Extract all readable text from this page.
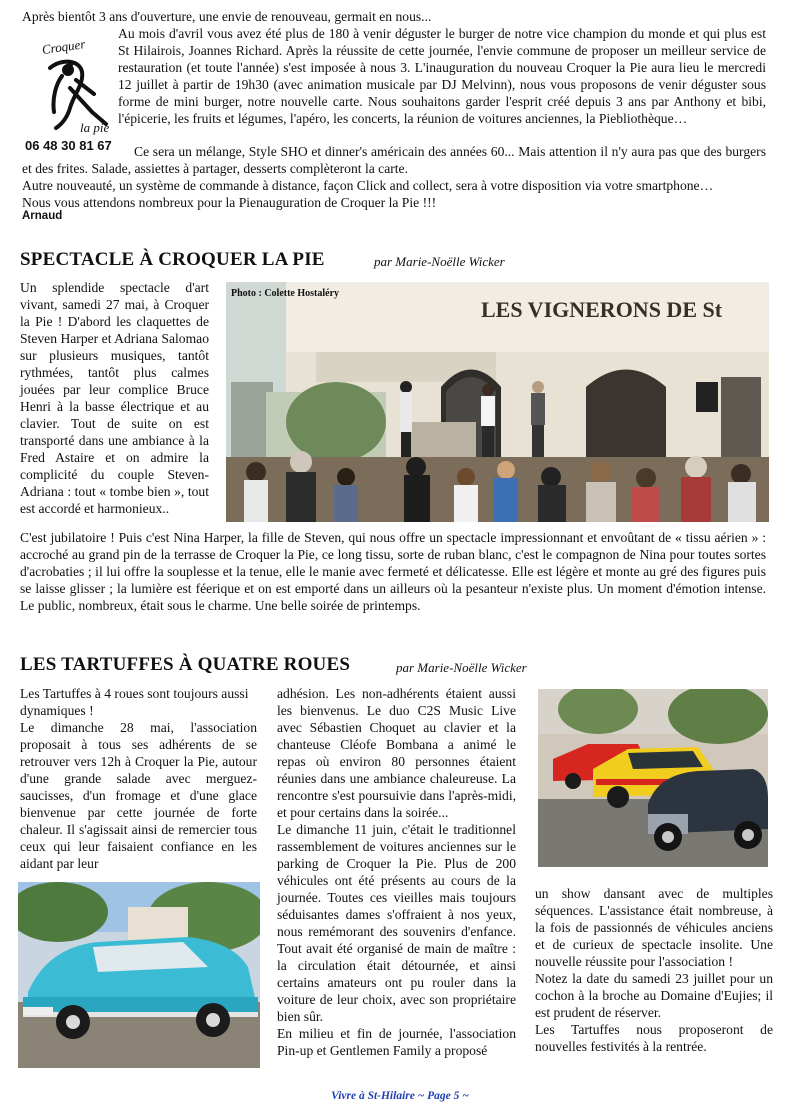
Après bientôt 3 ans d'ouverture, une envie de renouveau, germait en nous...
Croquer
la pie
06 48 30 81 67

Au mois d'avril vous avez été plus de 180 à venir déguster le burger de notre vice champion du monde et qui plus est St Hilairois, Joannes Richard. Après la réussite de cette journée, l'envie commune de proposer un meilleur service de restauration (et toute l'année) s'est imposée à nous 3. L'inauguration du nouveau Croquer la Pie aura lieu le mercredi 12 juillet à partir de 19h30 (avec animation musicale par DJ Melvinn), nous vous proposons de venir déguster sous forme de mini burger, notre nouvelle carte. Nous souhaitons garder l'esprit créé depuis 3 ans par Anthony et bibi, l'épicerie, les fruits et légumes, l'apéro, les concerts, la réunion de voitures anciennes, la Piebliothèque…

Ce sera un mélange, Style SHO et dinner's américain des années 60... Mais attention il n'y aura pas que des burgers et des frites. Salade, assiettes à partager, desserts complèteront la carte.

Autre nouveauté, un système de commande à distance, façon Click and collect, sera à votre disposition via votre smartphone…

Nous vous attendons nombreux pour la Pienauguration de Croquer la Pie !!!

Arnaud
SPECTACLE À CROQUER LA PIE	par Marie-Noëlle Wicker

Un splendide spectacle d'art vivant, samedi 27 mai, à Croquer la Pie ! D'abord les claquettes de Steven Harper et Adriana Salomao sur plusieurs musiques, tantôt rythmées, tantôt plus calmes jouées par leur complice Bruce Henri à la basse électrique et au clavier. Tout de suite on est transporté dans une ambiance à la Fred Astaire et on admire la complicité du couple Steven-Adriana : tout « tombe bien », tout est accordé et harmonieux..

LES VIGNERONS DE St
Photo : Colette Hostaléry

C'est jubilatoire ! Puis c'est Nina Harper, la fille de Steven, qui nous offre un spectacle impressionnant et envoûtant de « tissu aérien » : accroché au grand pin de la terrasse de Croquer la Pie, ce long tissu, sorte de ruban blanc, c'est le compagnon de Nina pour toutes sortes d'acrobaties ; il lui offre la souplesse et la tenue, elle le manie avec fermeté et délicatesse. Elle est légère et monte au gré des figures puis se laisse glisser ; la lumière est féerique et on est emporté dans un ailleurs où la pesanteur n'existe plus. Un moment d'émotion intense. Le public, nombreux, était sous le charme. Une belle soirée de printemps.

LES TARTUFFES À QUATRE ROUES	par Marie-Noëlle Wicker

Les Tartuffes à 4 roues sont toujours aussi dynamiques !

Le dimanche 28 mai, l'association proposait à tous ses adhérents de se retrouver vers 12h à Croquer la Pie, autour d'une grande salade avec merguez-saucisses, d'un fromage et d'une glace bienvenue par cette journée de forte chaleur. Il s'agissait ainsi de remercier tous ceux qui leur faisaient confiance en les aidant par leur

adhésion. Les non-adhérents étaient aussi les bienvenus. Le duo C2S Music Live avec Sébastien Choquet au clavier et la chanteuse Cléofe Bombana a animé le repas où environ 80 personnes étaient réunies dans une ambiance chaleureuse. La rencontre s'est poursuivie dans l'après-midi, et pour certains dans la soirée...

Le dimanche 11 juin, c'était le traditionnel rassemblement de voitures anciennes sur le parking de Croquer la Pie. Plus de 200 véhicules ont été présents au cours de la journée. Toutes ces vieilles mais toujours séduisantes dames s'offraient à nos yeux, nous remémorant des souvenirs d'enfance. Tout avait été organisé de main de maître : la circulation était détournée, et ainsi certains amateurs ont pu rouler dans la voiture de leur choix, avec son propriétaire bien sûr.

En milieu et fin de journée, l'association Pin-up et Gentlemen Family a proposé

un show dansant avec de multiples séquences. L'assistance était nombreuse, à la fois de passionnés de véhicules anciens et de curieux de spectacle insolite. Une nouvelle réussite pour l'association !

Notez la date du samedi 23 juillet pour un cochon à la broche au Domaine d'Eujies; il est prudent de réserver.

Les Tartuffes nous proposeront de nouvelles festivités à la rentrée.

Vivre à St-Hilaire ~ Page 5 ~
